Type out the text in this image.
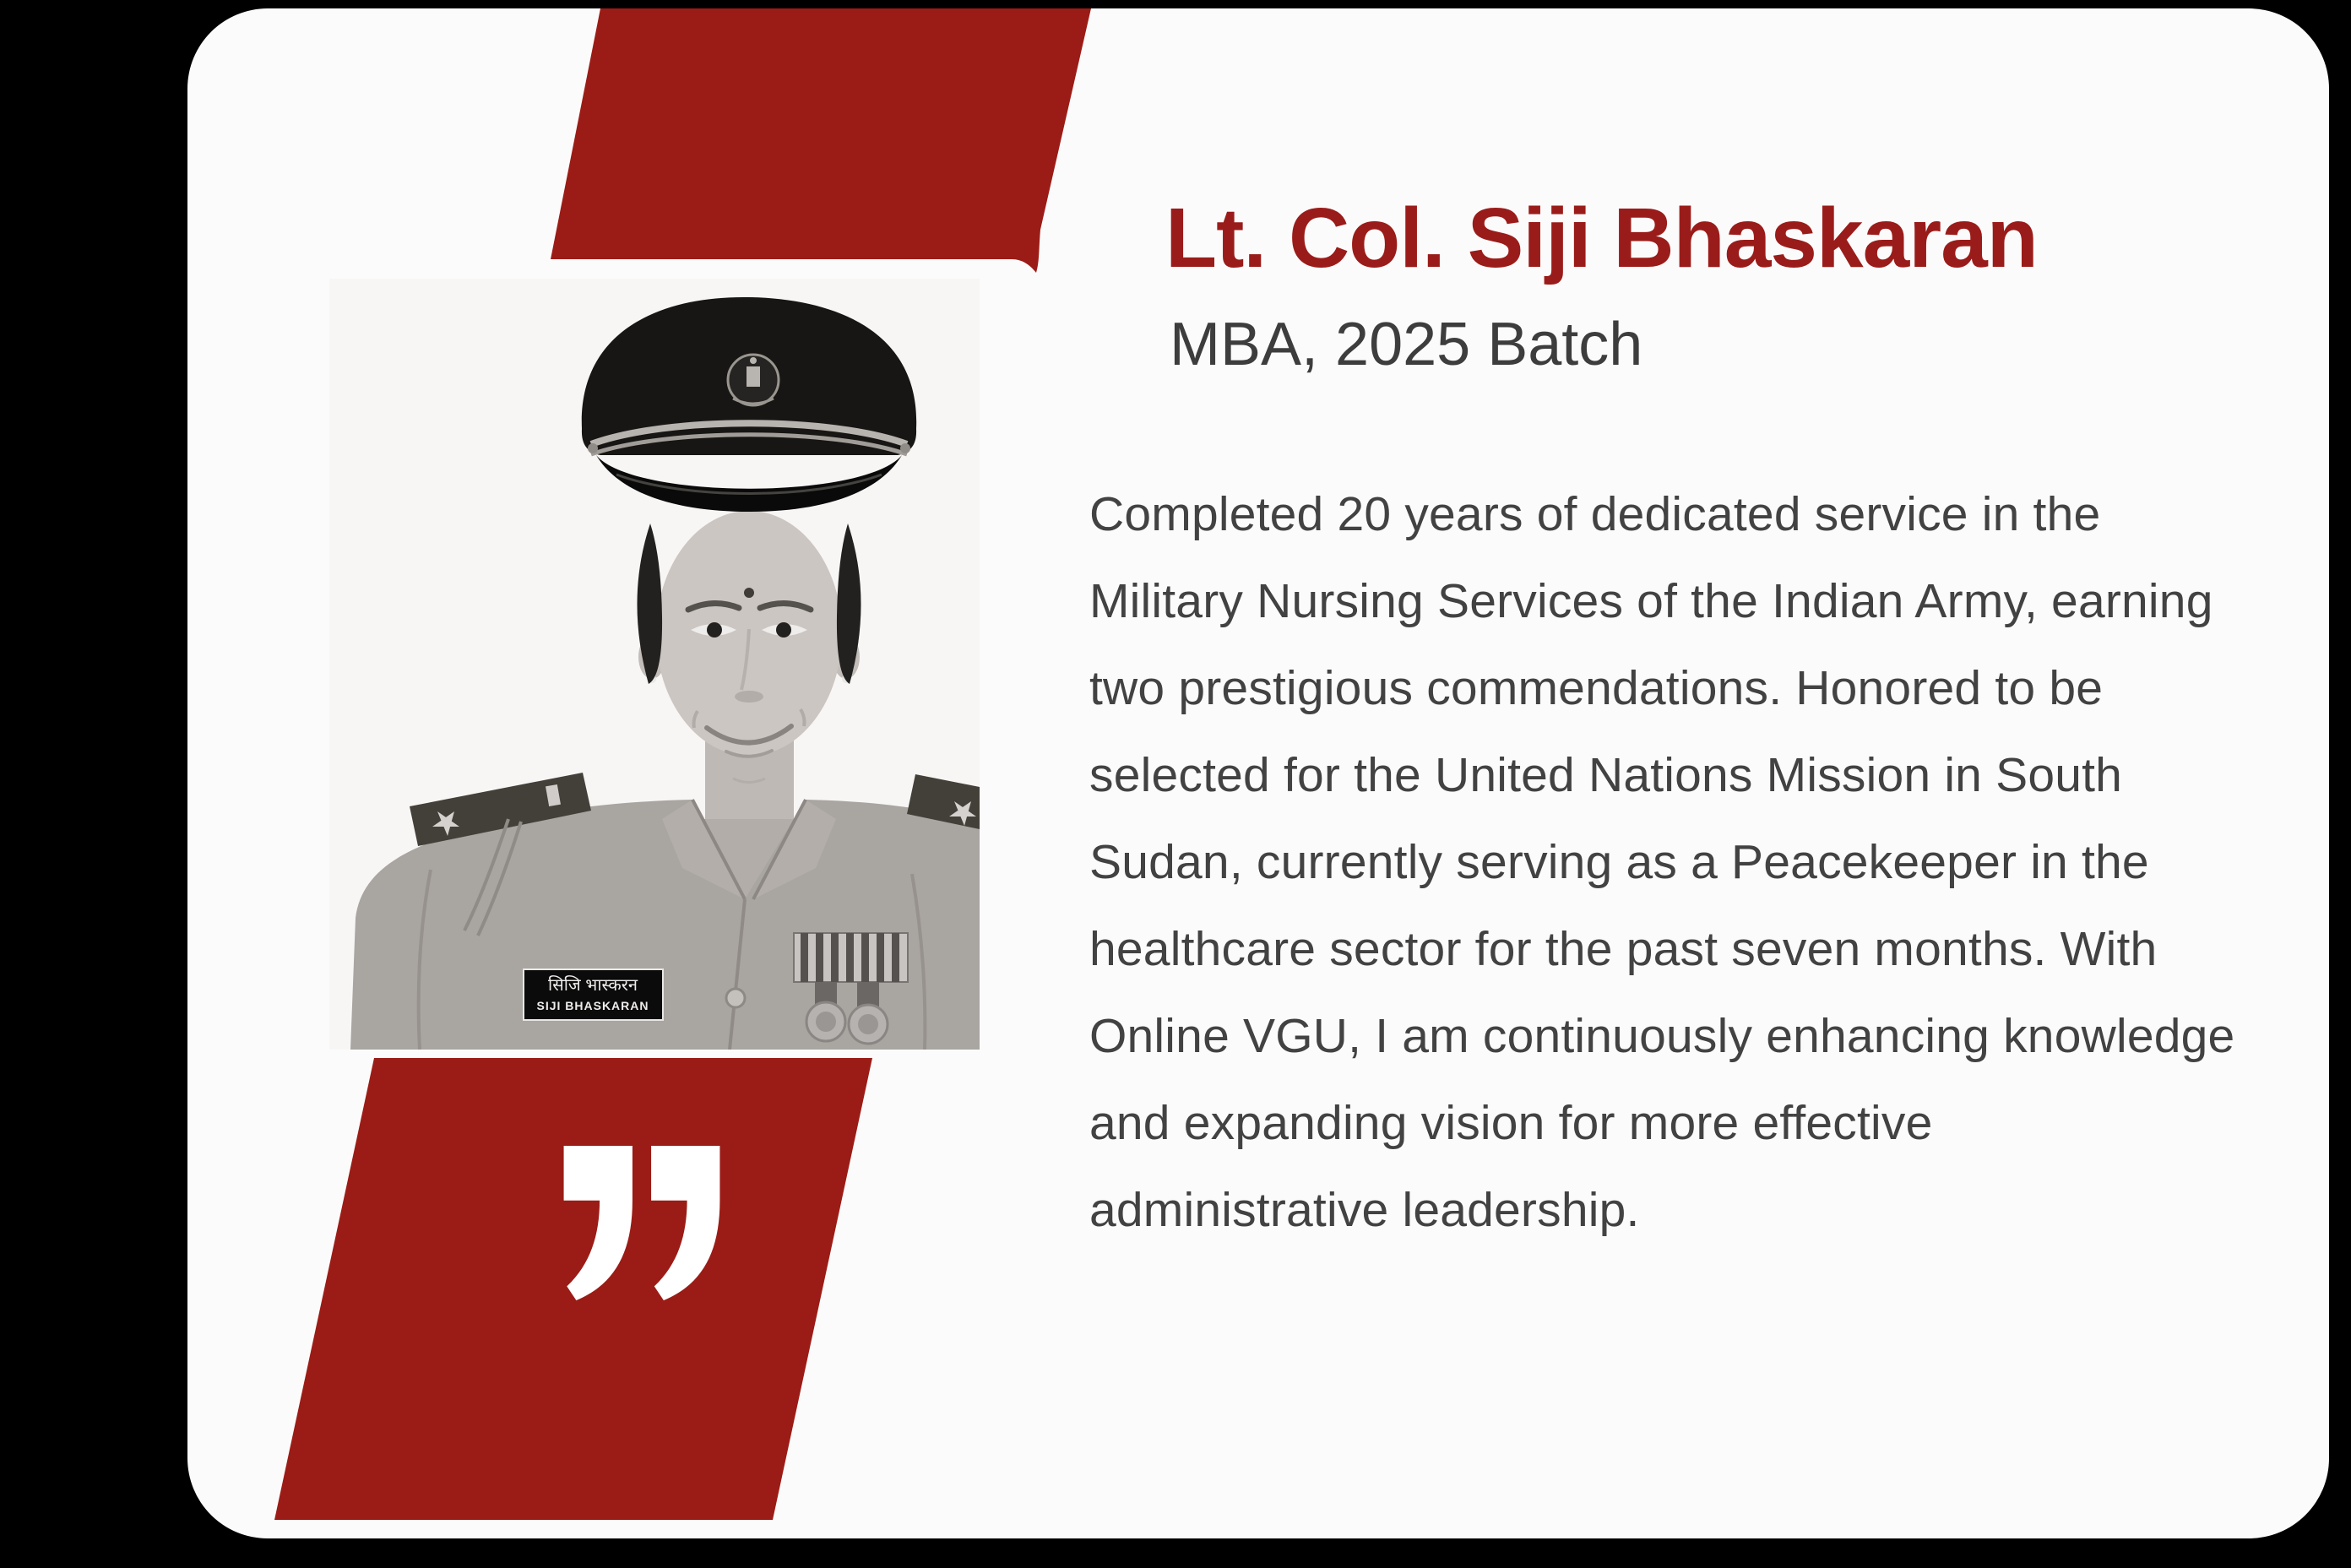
सिजि भास्करन
SIJI BHASKARAN
Lt. Col. Siji Bhaskaran
MBA, 2025 Batch
Completed 20 years of dedicated service in the
Military Nursing Services of the Indian Army, earning
two prestigious commendations. Honored to be
selected for the United Nations Mission in South
Sudan, currently serving as a Peacekeeper in the
healthcare sector for the past seven months. With
Online VGU, I am continuously enhancing knowledge
and expanding vision for more effective
administrative leadership.
